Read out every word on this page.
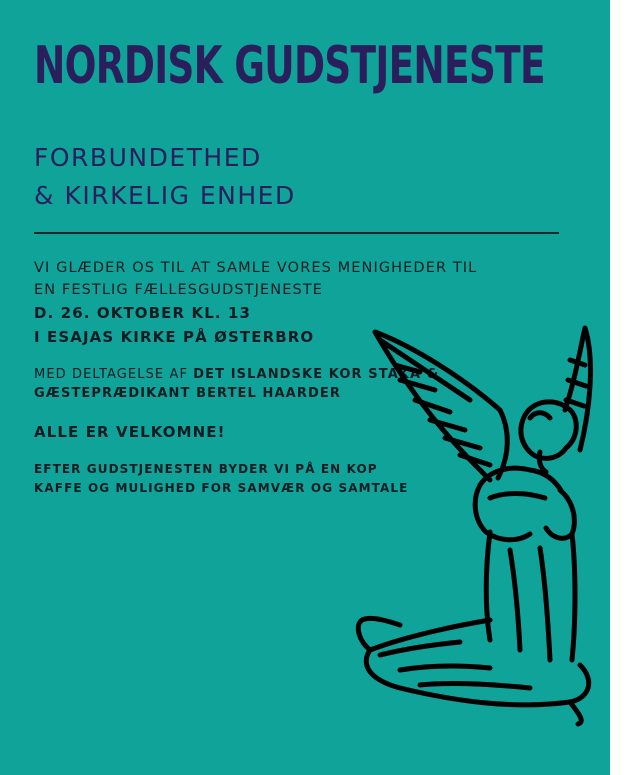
NORDISK GUDSTJENESTE
FORBUNDETHED
& KIRKELIG ENHED
VI GLÆDER OS TIL AT SAMLE VORES MENIGHEDER TIL
EN FESTLIG FÆLLESGUDSTJENESTE
D. 26. OKTOBER KL. 13
I ESAJAS KIRKE PÅ ØSTERBRO
MED DELTAGELSE AF DET ISLANDSKE KOR STAKA &
GÆSTEPRÆDIKANT BERTEL HAARDER
ALLE ER VELKOMNE!
EFTER GUDSTJENESTEN BYDER VI PÅ EN KOP
KAFFE OG MULIGHED FOR SAMVÆR OG SAMTALE
